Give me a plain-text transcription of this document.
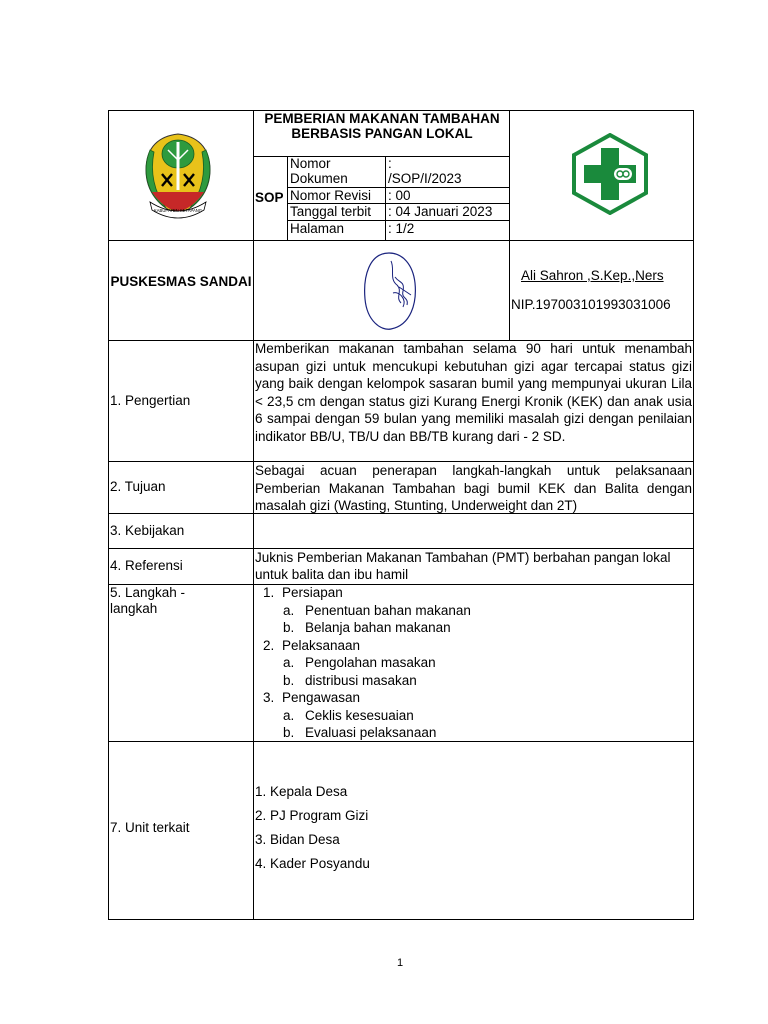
PEMBERIAN MAKANAN TAMBAHAN BERBASIS PANGAN LOKAL
SOP
Nomor Dokumen
: /SOP/I/2023
Nomor Revisi : 00
Tanggal terbit : 04 Januari 2023
Halaman	: 1/2
KABUPATEN KETAPANG
PUSKESMAS SANDAI	Ali Sahron ,S.Kep.,Ners
NIP.197003101993031006
1. Pengertian
Memberikan makanan tambahan selama 90 hari untuk menambah asupan gizi untuk mencukupi kebutuhan gizi agar tercapai status gizi yang baik dengan kelompok sasaran bumil yang mempunyai ukuran Lila < 23,5 cm dengan status gizi Kurang Energi Kronik (KEK) dan anak usia 6 sampai dengan 59 bulan yang memiliki masalah gizi dengan penilaian indikator BB/U, TB/U dan BB/TB kurang dari - 2 SD.
2. Tujuan
Sebagai acuan penerapan langkah-langkah untuk pelaksanaan Pemberian Makanan Tambahan bagi bumil KEK dan Balita dengan masalah gizi (Wasting, Stunting, Underweight dan 2T)
3. Kebijakan
4. Referensi
Juknis Pemberian Makanan Tambahan (PMT) berbahan pangan lokal untuk balita dan ibu hamil
5. Langkah -
langkah
1. Persiapan
a. Penentuan bahan makanan
b. Belanja bahan makanan
2. Pelaksanaan
a. Pengolahan masakan
b. distribusi masakan
3. Pengawasan
a. Ceklis kesesuaian
b. Evaluasi pelaksanaan
7. Unit terkait
1. Kepala Desa
2. PJ Program Gizi
3. Bidan Desa
4. Kader Posyandu
1
